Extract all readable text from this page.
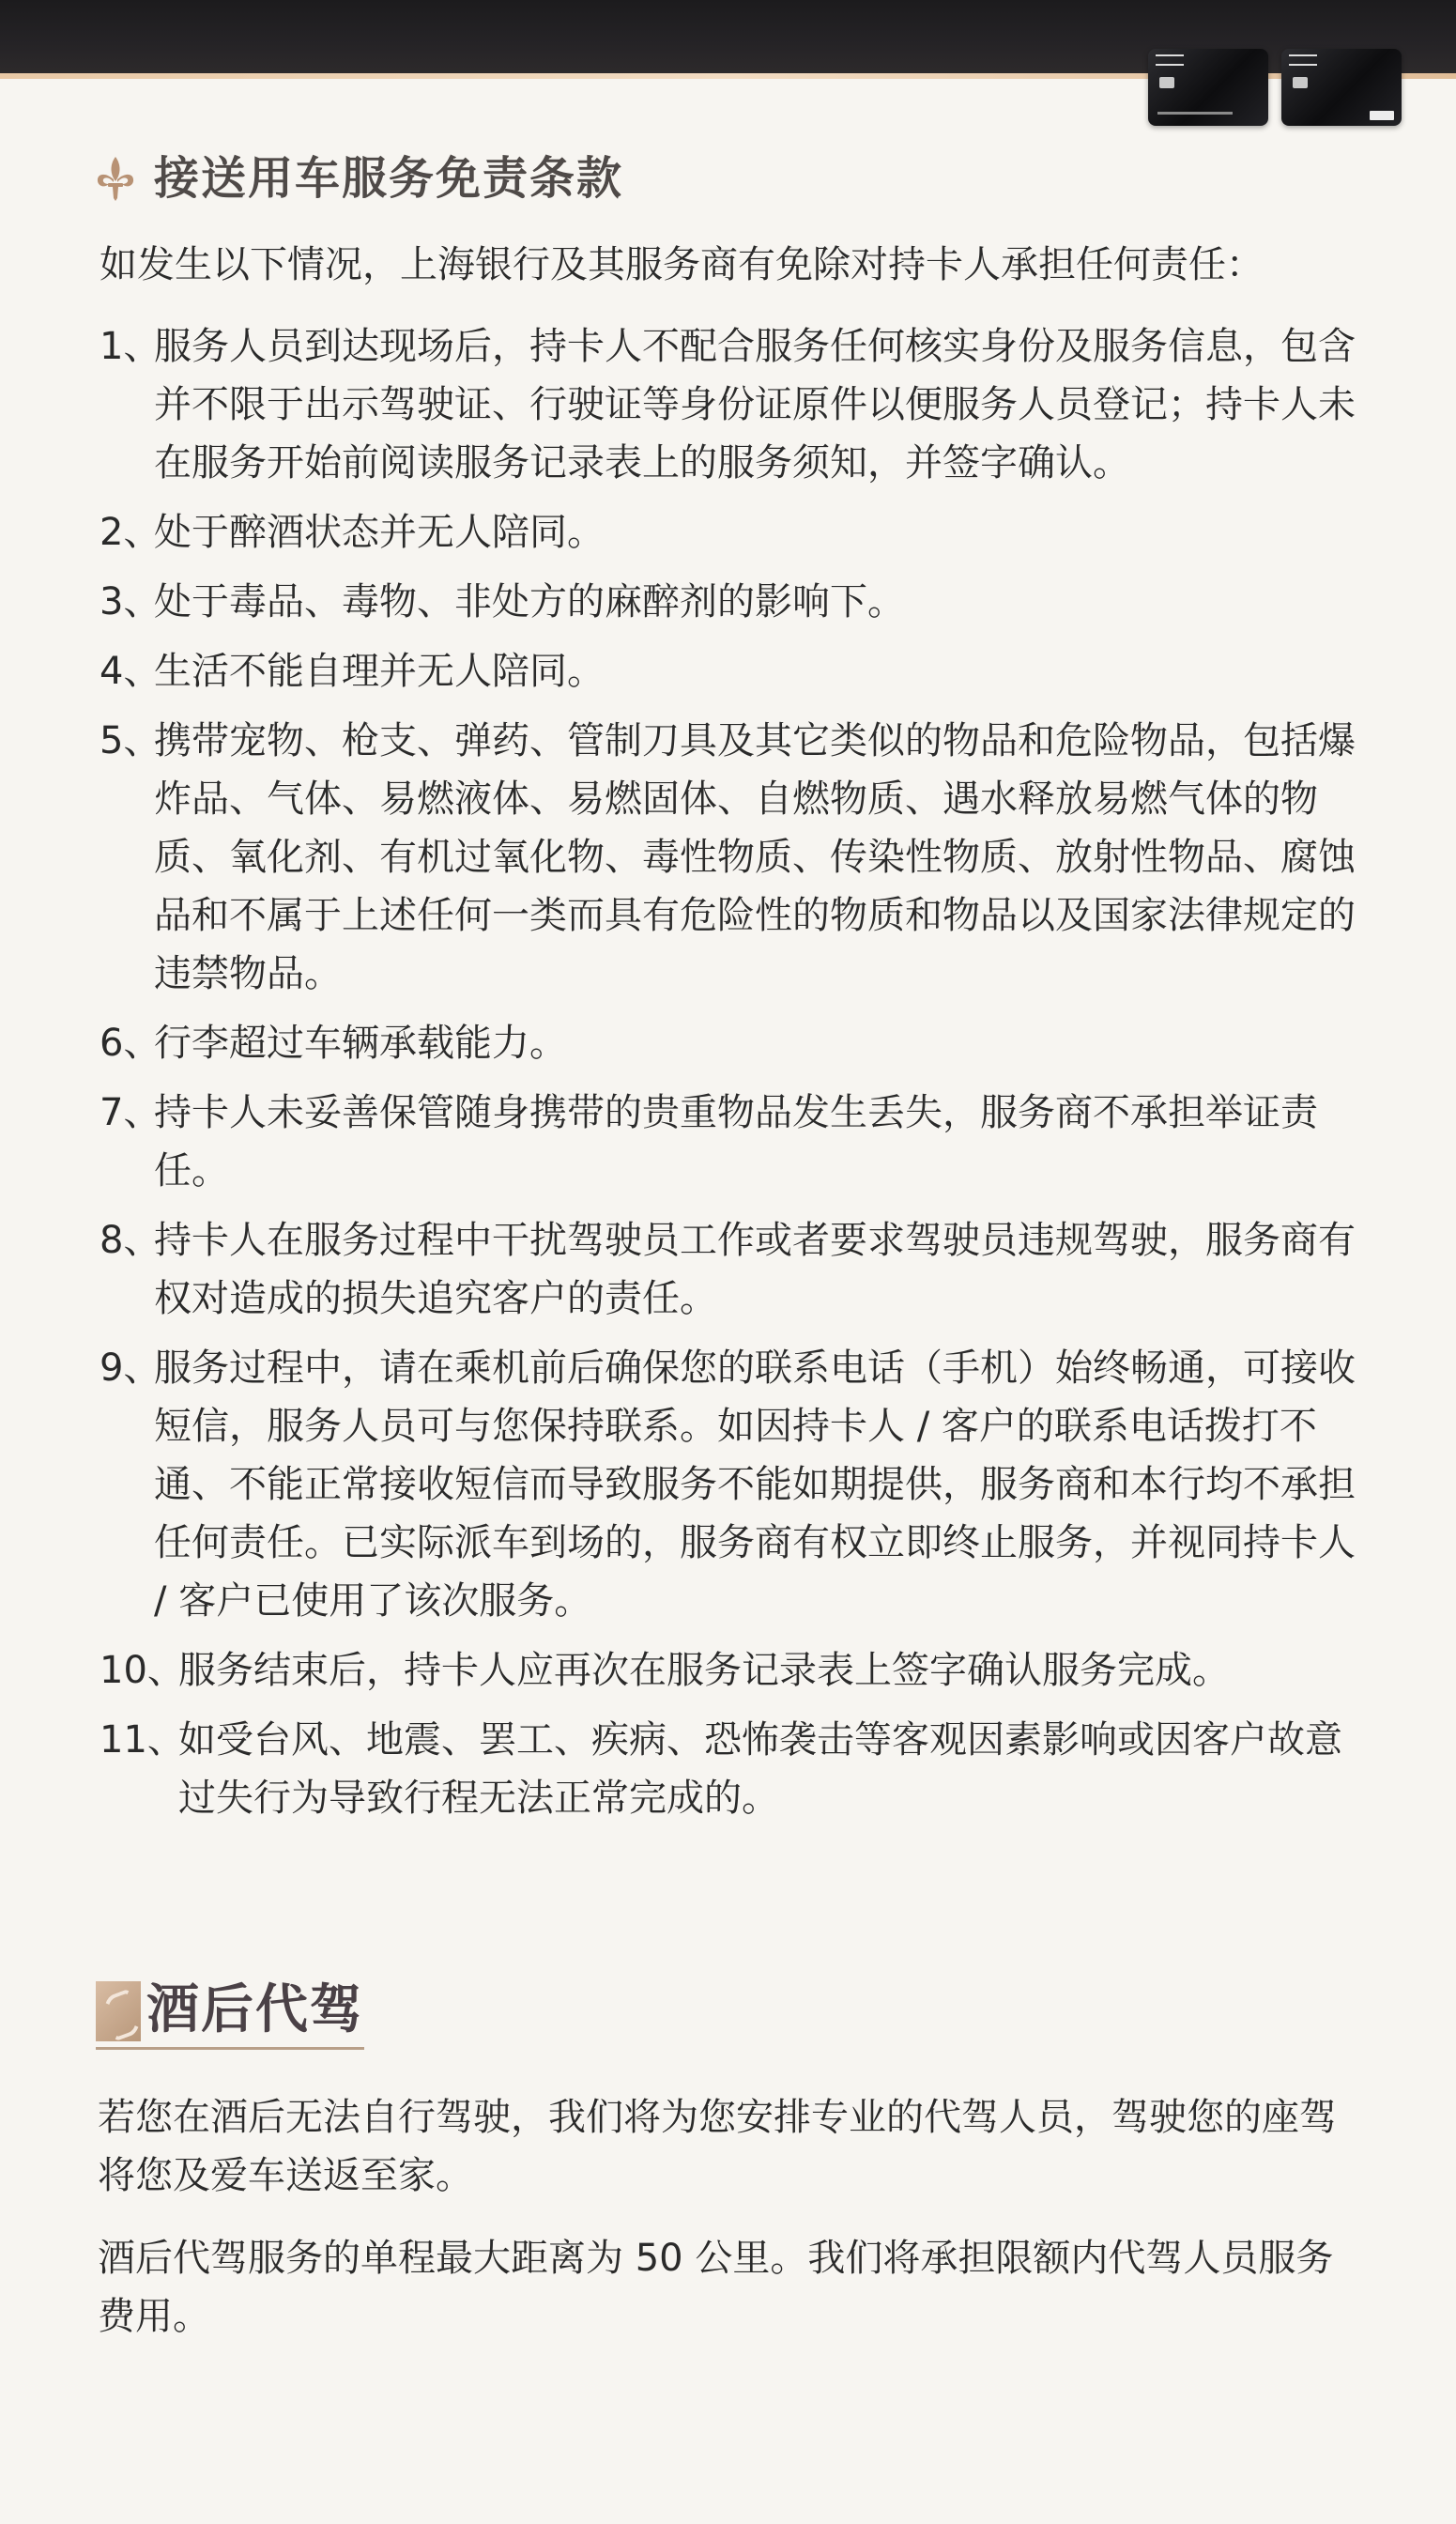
接送用车服务免责条款

如发生以下情况，上海银行及其服务商有免除对持卡人承担任何责任：

1、
服务人员到达现场后，持卡人不配合服务任何核实身份及服务信息，包含并不限于出示驾驶证、行驶证等身份证原件以便服务人员登记；持卡人未在服务开始前阅读服务记录表上的服务须知，并签字确认。
2、
处于醉酒状态并无人陪同。
3、
处于毒品、毒物、非处方的麻醉剂的影响下。
4、
生活不能自理并无人陪同。
5、
携带宠物、枪支、弹药、管制刀具及其它类似的物品和危险物品，包括爆炸品、气体、易燃液体、易燃固体、自燃物质、遇水释放易燃气体的物质、氧化剂、有机过氧化物、毒性物质、传染性物质、放射性物品、腐蚀品和不属于上述任何一类而具有危险性的物质和物品以及国家法律规定的违禁物品。
6、
行李超过车辆承载能力。
7、
持卡人未妥善保管随身携带的贵重物品发生丢失，服务商不承担举证责任。
8、
持卡人在服务过程中干扰驾驶员工作或者要求驾驶员违规驾驶，服务商有权对造成的损失追究客户的责任。
9、
服务过程中，请在乘机前后确保您的联系电话（手机）始终畅通，可接收短信，服务人员可与您保持联系。如因持卡人 / 客户的联系电话拨打不通、不能正常接收短信而导致服务不能如期提供，服务商和本行均不承担任何责任。已实际派车到场的，服务商有权立即终止服务，并视同持卡人 / 客户已使用了该次服务。
10、
服务结束后，持卡人应再次在服务记录表上签字确认服务完成。
11、
如受台风、地震、罢工、疾病、恐怖袭击等客观因素影响或因客户故意过失行为导致行程无法正常完成的。
酒后代驾

若您在酒后无法自行驾驶，我们将为您安排专业的代驾人员，驾驶您的座驾将您及爱车送返至家。

酒后代驾服务的单程最大距离为 50 公里。我们将承担限额内代驾人员服务费用。
